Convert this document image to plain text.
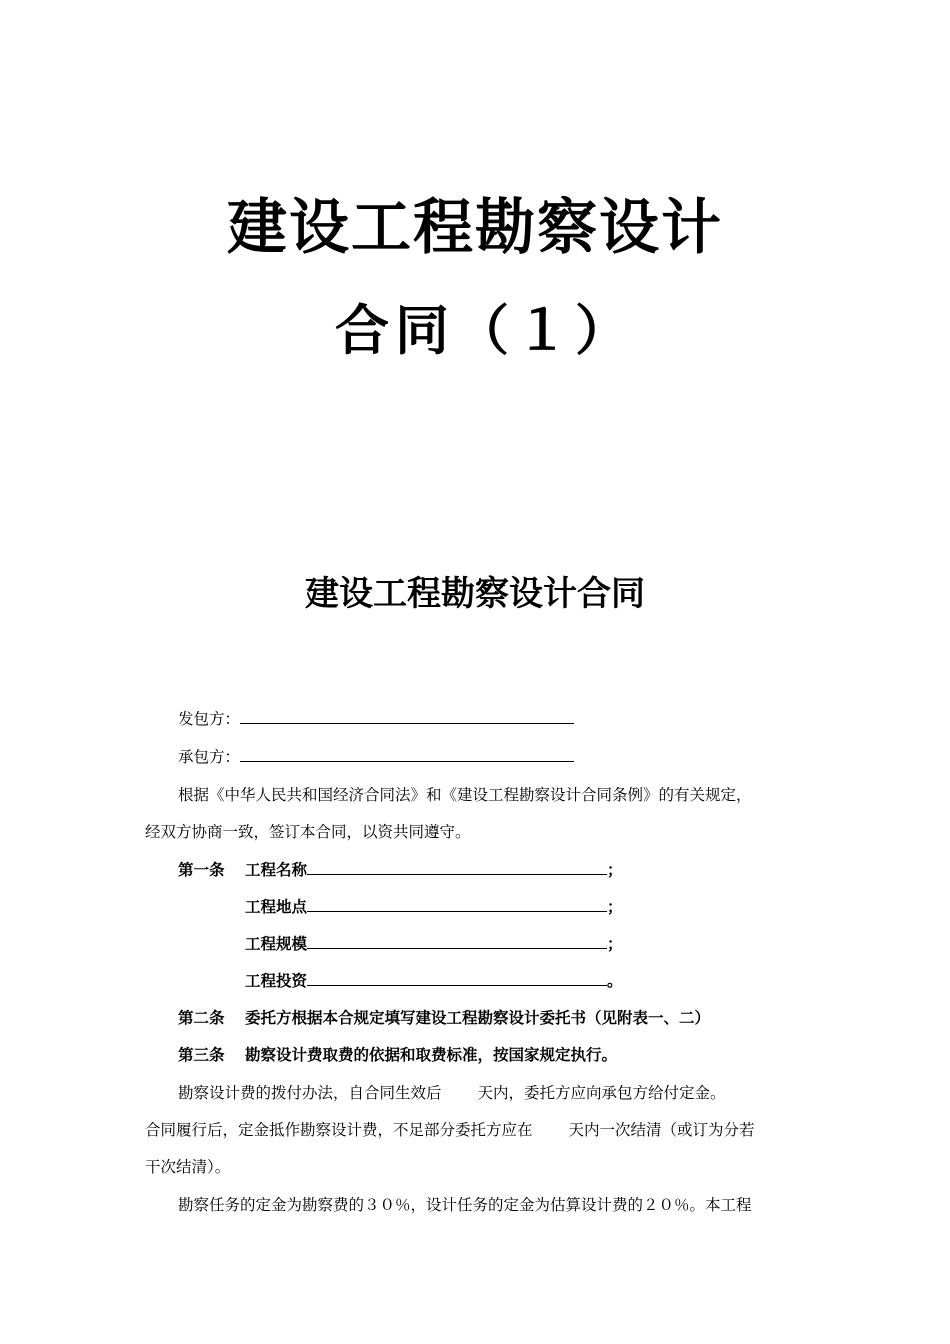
建设工程勘察设计
合同（１）
建设工程勘察设计合同
发包方：
承包方：
根据《中华人民共和国经济合同法》和《建设工程勘察设计合同条例》的有关规定，
经双方协商一致，签订本合同，以资共同遵守。
第一条 工程名称	；
工程地点	；
工程规模	；
工程投资	。
第二条 委托方根据本合规定填写建设工程勘察设计委托书（见附表一、二）
第三条 勘察设计费取费的依据和取费标准，按国家规定执行。
勘察设计费的拨付办法，自合同生效后 天内，委托方应向承包方给付定金。
合同履行后，定金抵作勘察设计费，不足部分委托方应在 天内一次结清（或订为分若
干次结清）。
勘察任务的定金为勘察费的３０％，设计任务的定金为估算设计费的２０％。本工程
